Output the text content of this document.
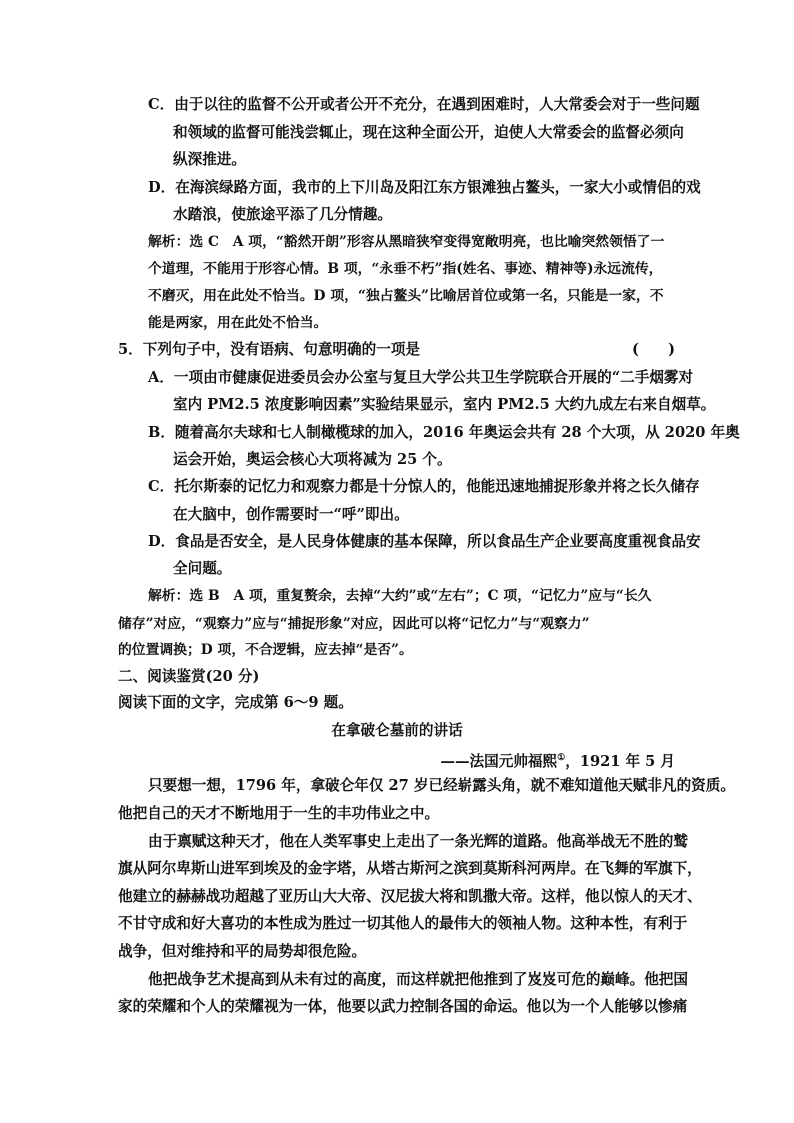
C．由于以往的监督不公开或者公开不充分，在遇到困难时，人大常委会对于一些问题
和领域的监督可能浅尝辄止，现在这种全面公开，迫使人大常委会的监督必须向
纵深推进。
D．在海滨绿路方面，我市的上下川岛及阳江东方银滩独占鳌头，一家大小或情侣的戏
水踏浪，使旅途平添了几分情趣。
解析：选 C　A 项，“豁然开朗”形容从黑暗狭窄变得宽敞明亮，也比喻突然领悟了一
个道理，不能用于形容心情。B 项，“永垂不朽”指(姓名、事迹、精神等)永远流传，
不磨灭，用在此处不恰当。D 项，“独占鳌头”比喻居首位或第一名，只能是一家，不
能是两家，用在此处不恰当。
5．下列句子中，没有语病、句意明确的一项是	(　　)
A．一项由市健康促进委员会办公室与复旦大学公共卫生学院联合开展的“二手烟雾对
室内 PM2.5 浓度影响因素”实验结果显示，室内 PM2.5 大约九成左右来自烟草。
B．随着高尔夫球和七人制橄榄球的加入，2016 年奥运会共有 28 个大项，从 2020 年奥
运会开始，奥运会核心大项将减为 25 个。
C．托尔斯泰的记忆力和观察力都是十分惊人的，他能迅速地捕捉形象并将之长久储存
在大脑中，创作需要时一“呼”即出。
D．食品是否安全，是人民身体健康的基本保障，所以食品生产企业要高度重视食品安
全问题。
解析：选 B　A 项，重复赘余，去掉“大约”或“左右”；C 项，“记忆力”应与“长久
储存”对应，“观察力”应与“捕捉形象”对应，因此可以将“记忆力”与“观察力”
的位置调换；D 项，不合逻辑，应去掉“是否”。
二、阅读鉴赏(20 分)
阅读下面的文字，完成第 6～9 题。
在拿破仑墓前的讲话
——法国元帅福熙①，1921 年 5 月
只要想一想，1796 年，拿破仑年仅 27 岁已经崭露头角，就不难知道他天赋非凡的资质。
他把自己的天才不断地用于一生的丰功伟业之中。
由于禀赋这种天才，他在人类军事史上走出了一条光辉的道路。他高举战无不胜的鹫
旗从阿尔卑斯山进军到埃及的金字塔，从塔古斯河之滨到莫斯科河两岸。在飞舞的军旗下，
他建立的赫赫战功超越了亚历山大大帝、汉尼拔大将和凯撒大帝。这样，他以惊人的天才、
不甘守成和好大喜功的本性成为胜过一切其他人的最伟大的领袖人物。这种本性，有利于
战争，但对维持和平的局势却很危险。
他把战争艺术提高到从未有过的高度，而这样就把他推到了岌岌可危的巅峰。他把国
家的荣耀和个人的荣耀视为一体，他要以武力控制各国的命运。他以为一个人能够以惨痛
